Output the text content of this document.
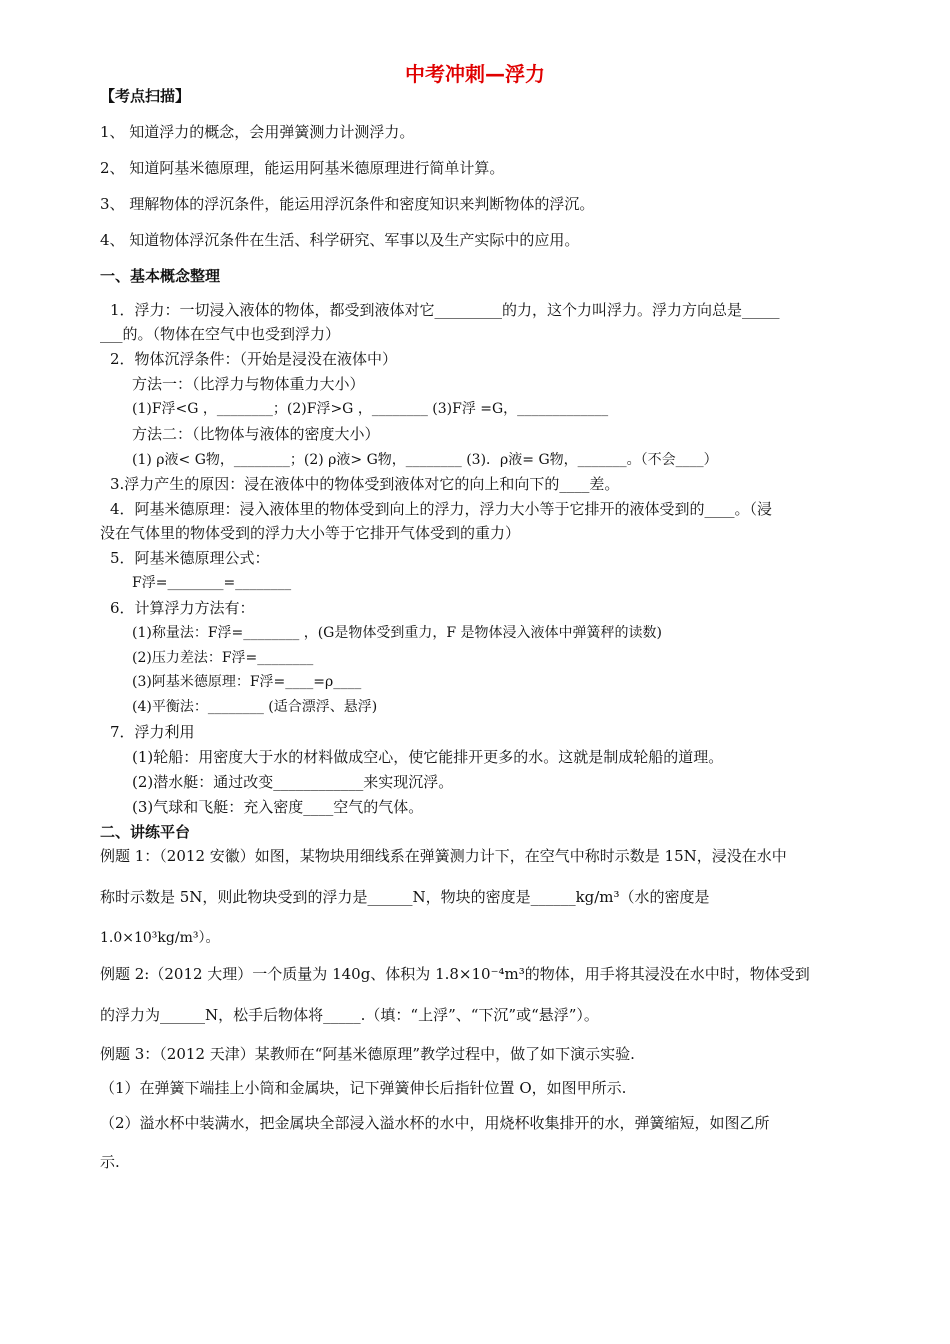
中考冲刺—浮力
【考点扫描】
1、 知道浮力的概念，会用弹簧测力计测浮力。
2、 知道阿基米德原理，能运用阿基米德原理进行简单计算。
3、 理解物体的浮沉条件，能运用浮沉条件和密度知识来判断物体的浮沉。
4、 知道物体浮沉条件在生活、科学研究、军事以及生产实际中的应用。
一、基本概念整理
1．浮力：一切浸入液体的物体，都受到液体对它_________的力，这个力叫浮力。浮力方向总是_____
___的。（物体在空气中也受到浮力）
2．物体沉浮条件：（开始是浸没在液体中）
方法一：（比浮力与物体重力大小）
(1)F浮<G ，________；(2)F浮>G ，________ (3)F浮 =G，_____________
方法二：（比物体与液体的密度大小）
(1) ρ液< G物，________；(2) ρ液> G物，________ (3)．ρ液= G物，_______。（不会____）
3.浮力产生的原因：浸在液体中的物体受到液体对它的向上和向下的____差。
4．阿基米德原理：浸入液体里的物体受到向上的浮力，浮力大小等于它排开的液体受到的____。（浸
没在气体里的物体受到的浮力大小等于它排开气体受到的重力）
5．阿基米德原理公式：
F浮=________=________
6．计算浮力方法有：
(1)称量法：F浮=________ ，(G是物体受到重力，F 是物体浸入液体中弹簧秤的读数)
(2)压力差法：F浮=________
(3)阿基米德原理：F浮=____=ρ____
(4)平衡法：________ (适合漂浮、悬浮)
7．浮力利用
(1)轮船：用密度大于水的材料做成空心，使它能排开更多的水。这就是制成轮船的道理。
(2)潜水艇：通过改变____________来实现沉浮。
(3)气球和飞艇：充入密度____空气的气体。
二、讲练平台
例题 1：（2012 安徽）如图，某物块用细线系在弹簧测力计下，在空气中称时示数是 15N，浸没在水中
称时示数是 5N，则此物块受到的浮力是______N，物块的密度是______kg/m³（水的密度是
1.0×10³kg/m³）。
例题 2:（2012 大理）一个质量为 140g、体积为 1.8×10⁻⁴m³的物体，用手将其浸没在水中时，物体受到
的浮力为______N，松手后物体将_____.（填：“上浮”、“下沉”或“悬浮”）。
例题 3：（2012 天津）某教师在“阿基米德原理”教学过程中，做了如下演示实验.
（1）在弹簧下端挂上小筒和金属块，记下弹簧伸长后指针位置 O，如图甲所示.
（2）溢水杯中装满水，把金属块全部浸入溢水杯的水中，用烧杯收集排开的水，弹簧缩短，如图乙所
示.
